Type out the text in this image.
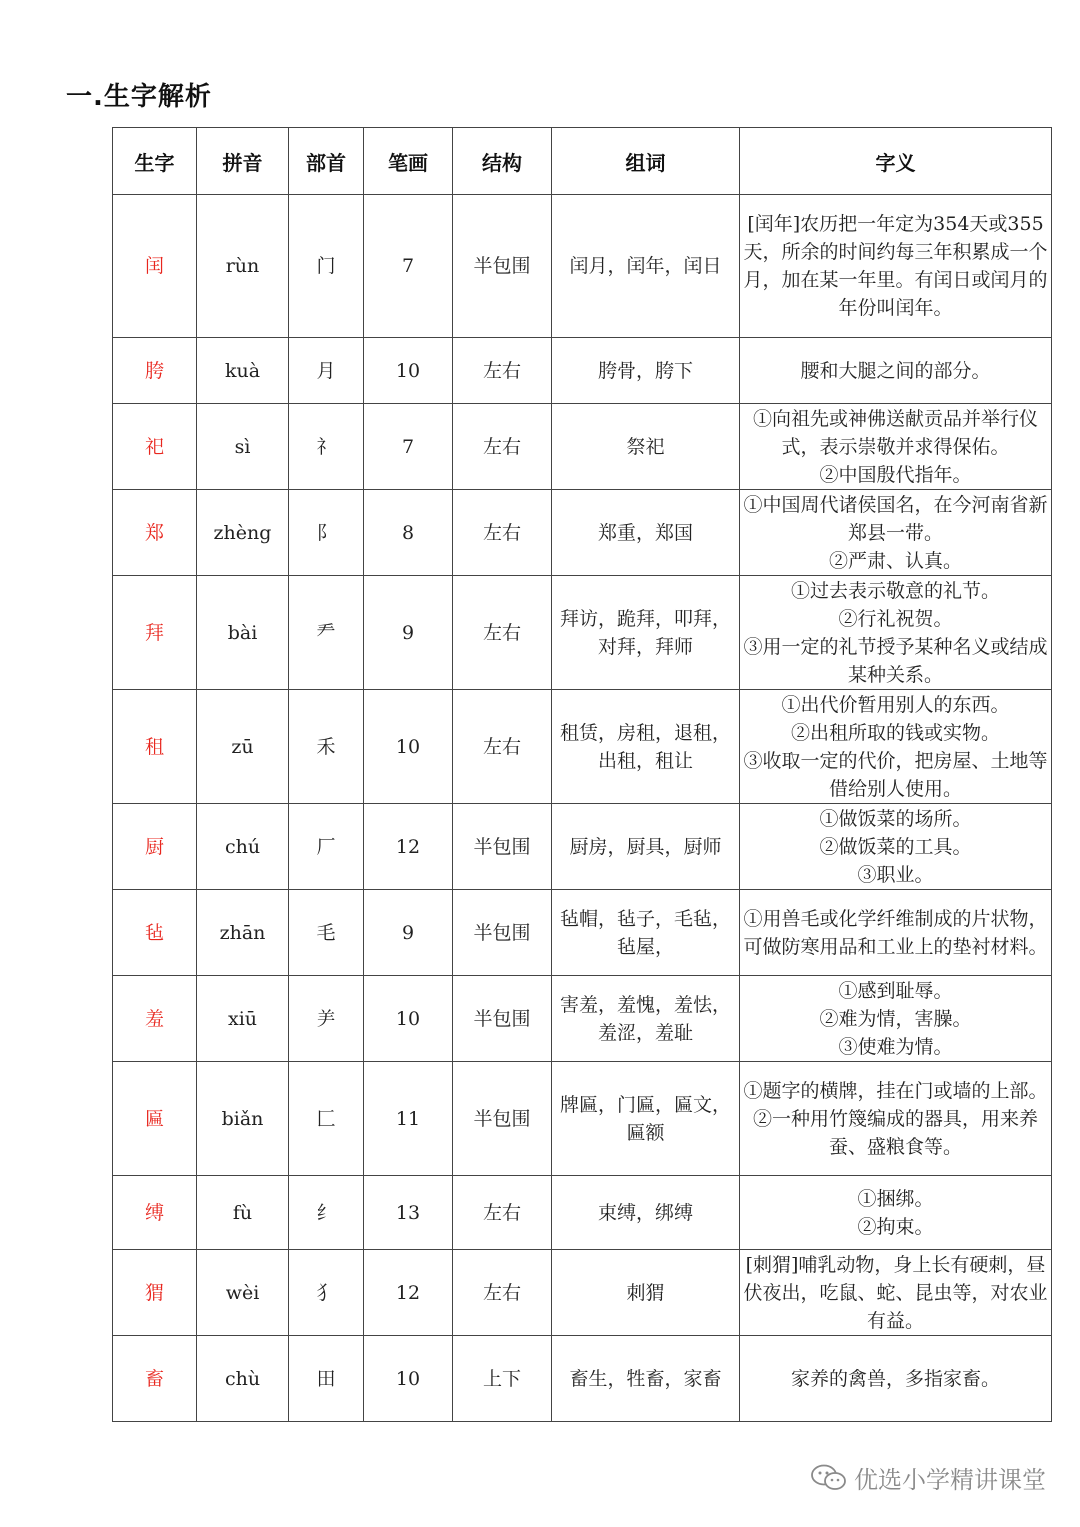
一.生字解析
生字	拼音	部首	笔画	结构	组词	字义
闰	rùn	门	7	半包围	闰月，闰年，闰日	[闰年]农历把一年定为354天或355天，所余的时间约每三年积累成一个月，加在某一年里。有闰日或闰月的年份叫闰年。

胯	kuà	月	10	左右	胯骨，胯下	腰和大腿之间的部分。

祀	sì	礻	7	左右	祭祀	①向祖先或神佛送献贡品并举行仪式，表示崇敬并求得保佑。
②中国殷代指年。

郑	zhèng	阝	8	左右	郑重，郑国	①中国周代诸侯国名，在今河南省新郑县一带。
②严肃、认真。

拜	bài	龵	9	左右	拜访，跪拜，叩拜，对拜，拜师	①过去表示敬意的礼节。
②行礼祝贺。
③用一定的礼节授予某种名义或结成某种关系。

租	zū	禾	10	左右	租赁，房租，退租，出租，租让	①出代价暂用别人的东西。
②出租所取的钱或实物。
③收取一定的代价，把房屋、土地等借给别人使用。

厨	chú	厂	12	半包围	厨房，厨具，厨师	①做饭菜的场所。
②做饭菜的工具。
③职业。

毡	zhān	毛	9	半包围	毡帽，毡子，毛毡，毡屋，	①用兽毛或化学纤维制成的片状物，可做防寒用品和工业上的垫衬材料。

羞	xiū	⺶	10	半包围	害羞，羞愧，羞怯，羞涩，羞耻	①感到耻辱。
②难为情，害臊。
③使难为情。

匾	biǎn	匚	11	半包围	牌匾，门匾，匾文，匾额	①题字的横牌，挂在门或墙的上部。
②一种用竹篾编成的器具，用来养蚕、盛粮食等。

缚	fù	纟	13	左右	束缚，绑缚	①捆绑。
②拘束。

猬	wèi	犭	12	左右	刺猬	[刺猬]哺乳动物，身上长有硬刺，昼伏夜出，吃鼠、蛇、昆虫等，对农业有益。

畜	chù	田	10	上下	畜生，牲畜，家畜	家养的禽兽，多指家畜。
优选小学精讲课堂
